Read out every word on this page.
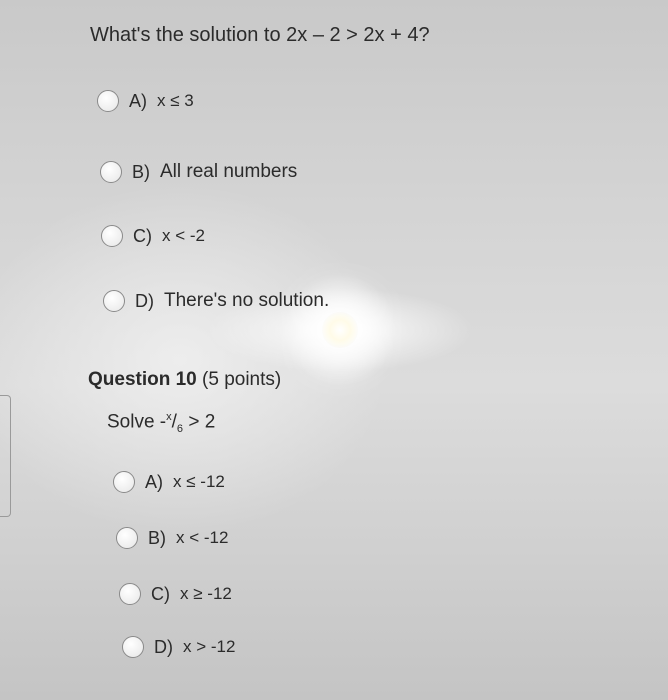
What's the solution to 2x – 2 > 2x + 4?
A) x ≤ 3
B) All real numbers
C) x < -2
D) There's no solution.
Question 10 (5 points)
Solve $-^x/_6 > 2$
A) x ≤ -12
B) x < -12
C) x ≥ -12
D) x > -12
